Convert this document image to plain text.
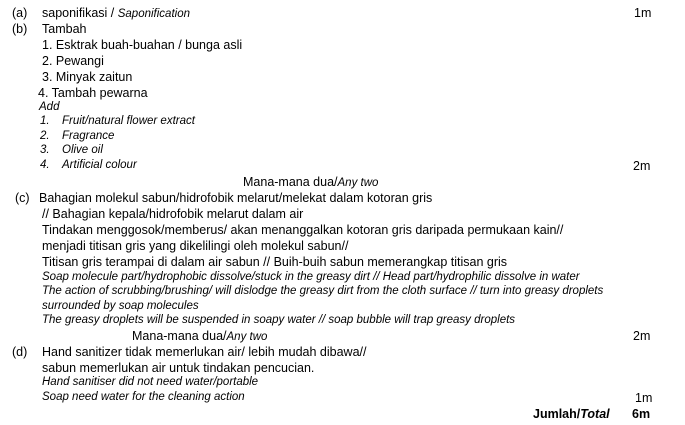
(a) saponifikasi / Saponification	1m
(b) Tambah
1. Esktrak buah-buahan / bunga asli
2. Pewangi
3. Minyak zaitun
4. Tambah pewarna
Add
1. Fruit/natural flower extract
2. Fragrance
3. Olive oil
4. Artificial colour	2m
Mana-mana dua/Any two
(c) Bahagian molekul sabun/hidrofobik melarut/melekat dalam kotoran gris
// Bahagian kepala/hidrofobik melarut dalam air
Tindakan menggosok/memberus/ akan menanggalkan kotoran gris daripada permukaan kain//
menjadi titisan gris yang dikelilingi oleh molekul sabun//
Titisan gris terampai di dalam air sabun // Buih-buih sabun memerangkap titisan gris
Soap molecule part/hydrophobic dissolve/stuck in the greasy dirt // Head part/hydrophilic dissolve in water
The action of scrubbing/brushing/ will dislodge the greasy dirt from the cloth surface // turn into greasy droplets
surrounded by soap molecules
The greasy droplets will be suspended in soapy water // soap bubble will trap greasy droplets
Mana-mana dua/Any two	2m
(d) Hand sanitizer tidak memerlukan air/ lebih mudah dibawa//
sabun memerlukan air untuk tindakan pencucian.
Hand sanitiser did not need water/portable
Soap need water for the cleaning action	1m
Jumlah/Total 6m
